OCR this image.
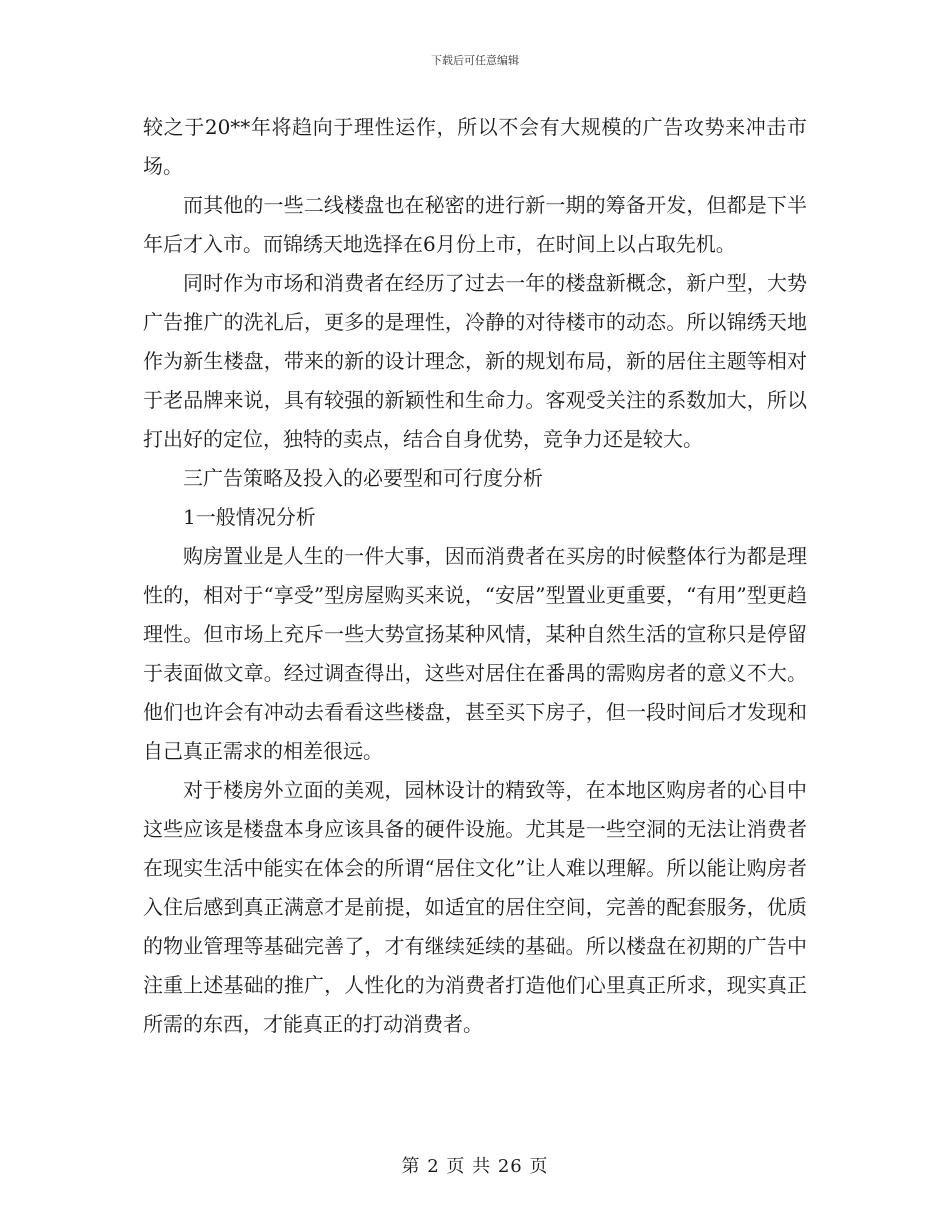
下载后可任意编辑

较之于20**年将趋向于理性运作，所以不会有大规模的广告攻势来冲击市场。

而其他的一些二线楼盘也在秘密的进行新一期的筹备开发，但都是下半年后才入市。而锦绣天地选择在6月份上市，在时间上以占取先机。

同时作为市场和消费者在经历了过去一年的楼盘新概念，新户型，大势广告推广的洗礼后，更多的是理性，冷静的对待楼市的动态。所以锦绣天地作为新生楼盘，带来的新的设计理念，新的规划布局，新的居住主题等相对于老品牌来说，具有较强的新颖性和生命力。客观受关注的系数加大，所以打出好的定位，独特的卖点，结合自身优势，竞争力还是较大。

三广告策略及投入的必要型和可行度分析

1一般情况分析

购房置业是人生的一件大事，因而消费者在买房的时候整体行为都是理性的，相对于“享受”型房屋购买来说，“安居”型置业更重要，“有用”型更趋理性。但市场上充斥一些大势宣扬某种风情，某种自然生活的宣称只是停留于表面做文章。经过调查得出，这些对居住在番禺的需购房者的意义不大。他们也许会有冲动去看看这些楼盘，甚至买下房子，但一段时间后才发现和自己真正需求的相差很远。

对于楼房外立面的美观，园林设计的精致等，在本地区购房者的心目中这些应该是楼盘本身应该具备的硬件设施。尤其是一些空洞的无法让消费者在现实生活中能实在体会的所谓“居住文化”让人难以理解。所以能让购房者入住后感到真正满意才是前提，如适宜的居住空间，完善的配套服务，优质的物业管理等基础完善了，才有继续延续的基础。所以楼盘在初期的广告中注重上述基础的推广，人性化的为消费者打造他们心里真正所求，现实真正所需的东西，才能真正的打动消费者。

第 2 页 共 26 页
